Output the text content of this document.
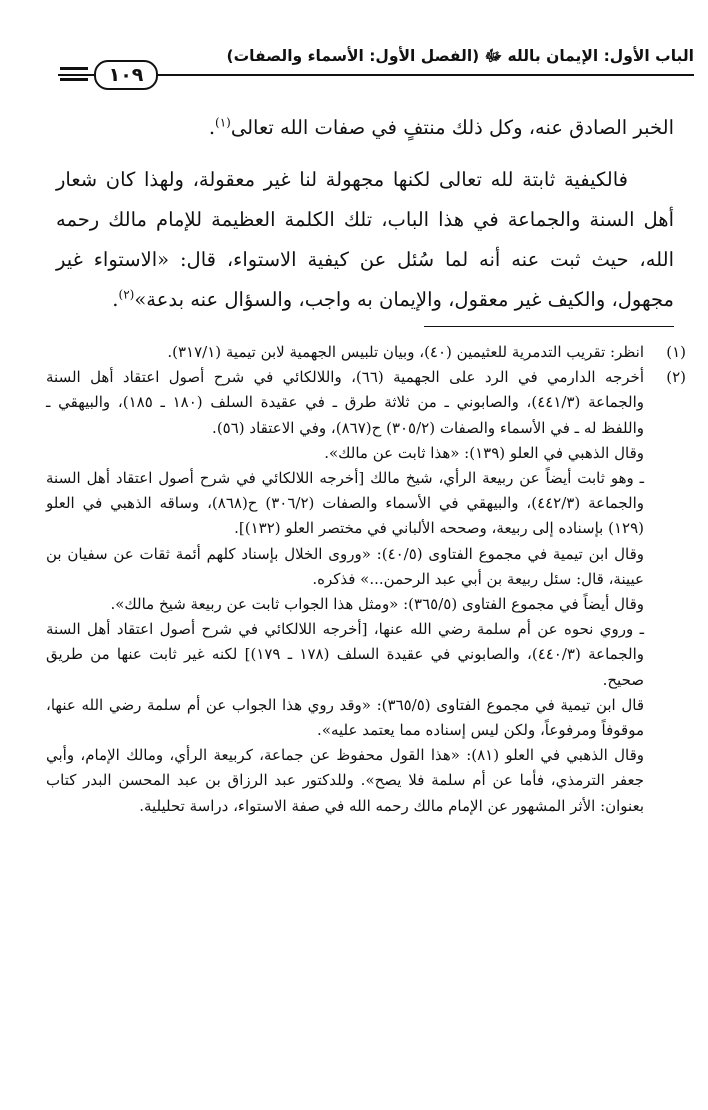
الباب الأول: الإيمان بالله ﷻ (الفصل الأول: الأسماء والصفات)
١٠٩

الخبر الصادق عنه، وكل ذلك منتفٍ في صفات الله تعالى$^{(١)}$.

فالكيفية ثابتة لله تعالى لكنها مجهولة لنا غير معقولة، ولهذا كان شعار أهل السنة والجماعة في هذا الباب، تلك الكلمة العظيمة للإمام مالك رحمه الله، حيث ثبت عنه أنه لما سُئل عن كيفية الاستواء، قال: «الاستواء غير مجهول، والكيف غير معقول، والإيمان به واجب، والسؤال عنه بدعة»$^{(٢)}$.

(١)

انظر: تقريب التدمرية للعثيمين (٤٠)، وبيان تلبيس الجهمية لابن تيمية (٣١٧/١).

(٢)

أخرجه الدارمي في الرد على الجهمية (٦٦)، واللالكائي في شرح أصول اعتقاد أهل السنة والجماعة (٤٤١/٣)، والصابوني ـ من ثلاثة طرق ـ في عقيدة السلف (١٨٠ ـ ١٨٥)، والبيهقي ـ واللفظ له ـ في الأسماء والصفات (٣٠٥/٢) ح(٨٦٧)، وفي الاعتقاد (٥٦).

وقال الذهبي في العلو (١٣٩): «هذا ثابت عن مالك».

ـ وهو ثابت أيضاً عن ربيعة الرأي، شيخ مالك [أخرجه اللالكائي في شرح أصول اعتقاد أهل السنة والجماعة (٤٤٢/٣)، والبيهقي في الأسماء والصفات (٣٠٦/٢) ح(٨٦٨)، وساقه الذهبي في العلو (١٢٩) بإسناده إلى ربيعة، وصححه الألباني في مختصر العلو (١٣٢)].

وقال ابن تيمية في مجموع الفتاوى (٤٠/٥): «وروى الخلال بإسناد كلهم أئمة ثقات عن سفيان بن عيينة، قال: سئل ربيعة بن أبي عبد الرحمن...» فذكره.

وقال أيضاً في مجموع الفتاوى (٣٦٥/٥): «ومثل هذا الجواب ثابت عن ربيعة شيخ مالك».

ـ وروي نحوه عن أم سلمة رضي الله عنها، [أخرجه اللالكائي في شرح أصول اعتقاد أهل السنة والجماعة (٤٤٠/٣)، والصابوني في عقيدة السلف (١٧٨ ـ ١٧٩)] لكنه غير ثابت عنها من طريق صحيح.

قال ابن تيمية في مجموع الفتاوى (٣٦٥/٥): «وقد روي هذا الجواب عن أم سلمة رضي الله عنها، موقوفاً ومرفوعاً، ولكن ليس إسناده مما يعتمد عليه».

وقال الذهبي في العلو (٨١): «هذا القول محفوظ عن جماعة، كربيعة الرأي، ومالك الإمام، وأبي جعفر الترمذي، فأما عن أم سلمة فلا يصح». وللدكتور عبد الرزاق بن عبد المحسن البدر كتاب بعنوان: الأثر المشهور عن الإمام مالك رحمه الله في صفة الاستواء، دراسة تحليلية.
